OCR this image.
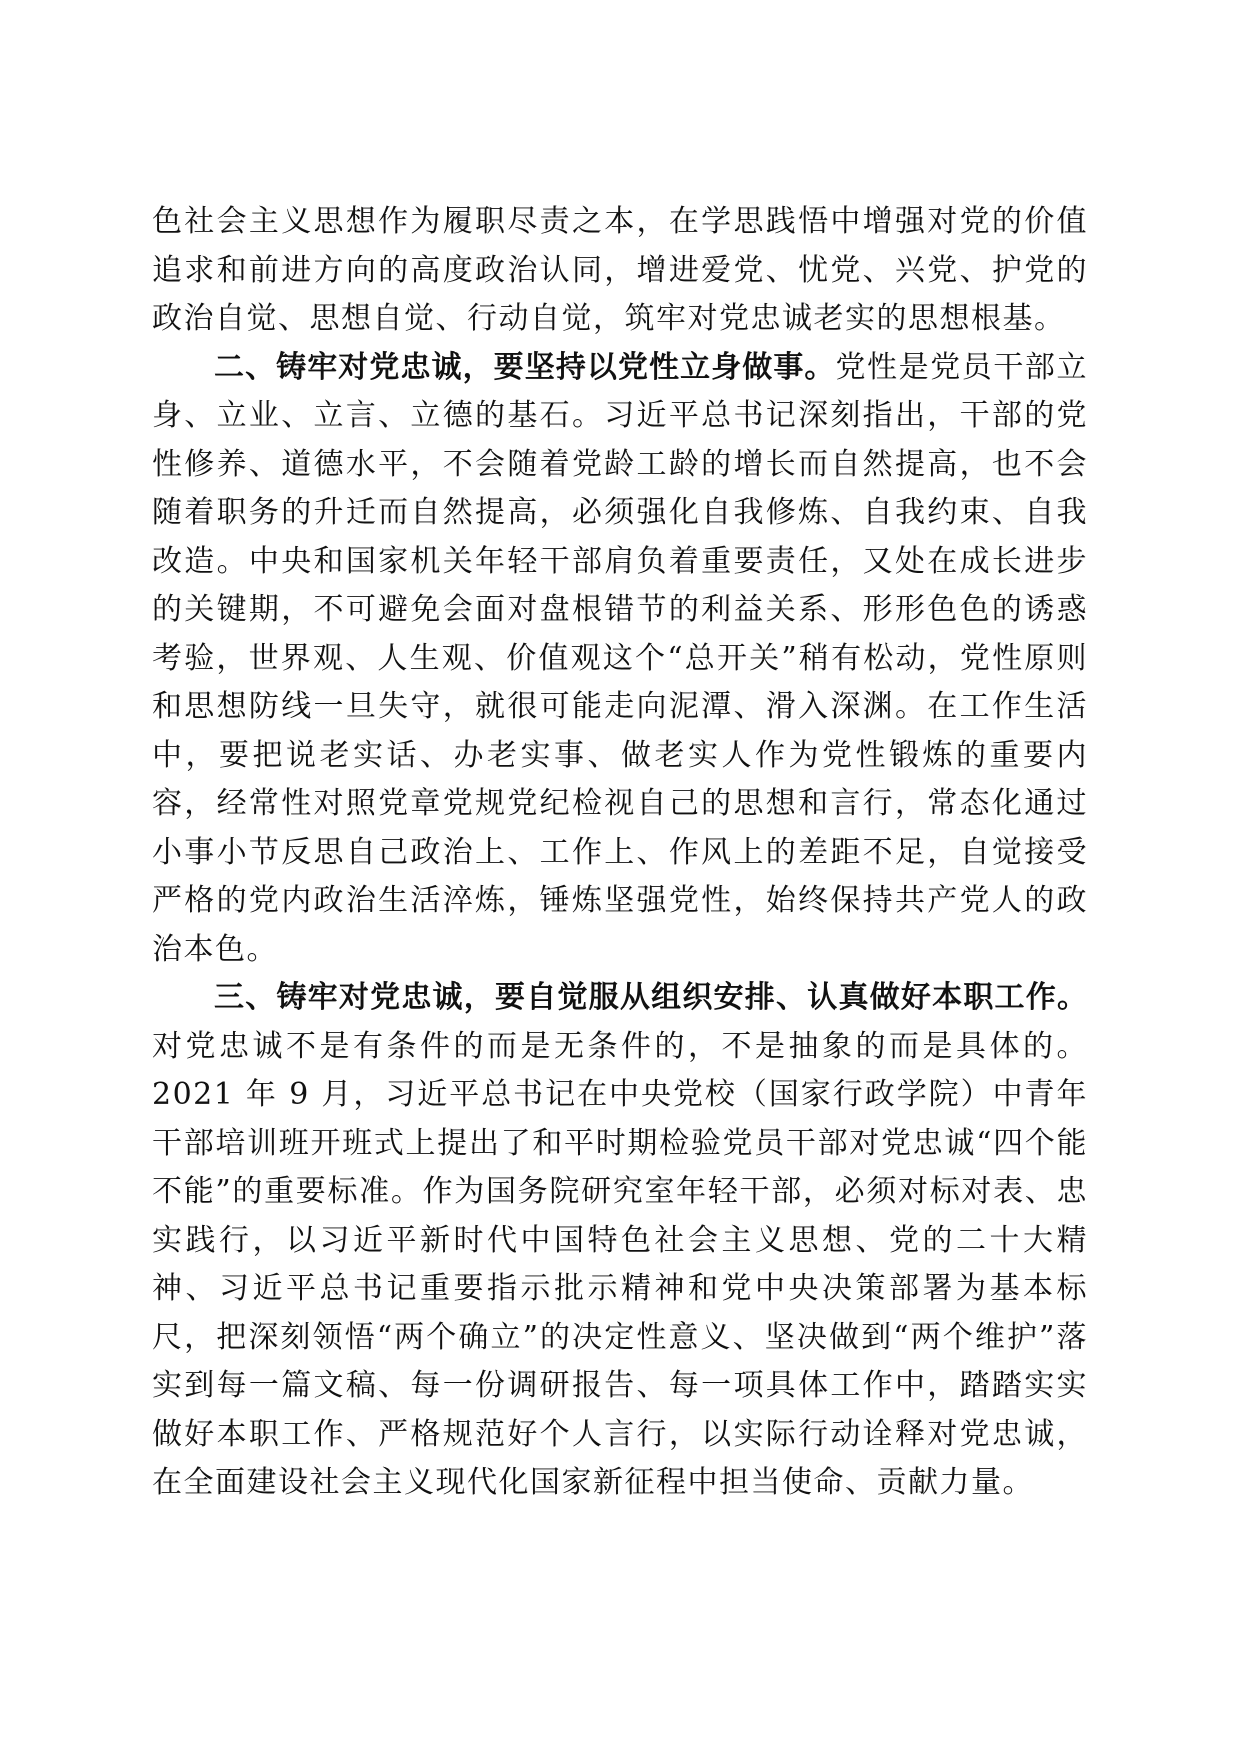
色社会主义思想作为履职尽责之本，在学思践悟中增强对党的价值追求和前进方向的高度政治认同，增进爱党、忧党、兴党、护党的政治自觉、思想自觉、行动自觉，筑牢对党忠诚老实的思想根基。

二、铸牢对党忠诚，要坚持以党性立身做事。党性是党员干部立身、立业、立言、立德的基石。习近平总书记深刻指出，干部的党性修养、道德水平，不会随着党龄工龄的增长而自然提高，也不会随着职务的升迁而自然提高，必须强化自我修炼、自我约束、自我改造。中央和国家机关年轻干部肩负着重要责任，又处在成长进步的关键期，不可避免会面对盘根错节的利益关系、形形色色的诱惑考验，世界观、人生观、价值观这个“总开关”稍有松动，党性原则和思想防线一旦失守，就很可能走向泥潭、滑入深渊。在工作生活中，要把说老实话、办老实事、做老实人作为党性锻炼的重要内容，经常性对照党章党规党纪检视自己的思想和言行，常态化通过小事小节反思自己政治上、工作上、作风上的差距不足，自觉接受严格的党内政治生活淬炼，锤炼坚强党性，始终保持共产党人的政治本色。

三、铸牢对党忠诚，要自觉服从组织安排、认真做好本职工作。对党忠诚不是有条件的而是无条件的，不是抽象的而是具体的。2021 年 9 月，习近平总书记在中央党校（国家行政学院）中青年干部培训班开班式上提出了和平时期检验党员干部对党忠诚“四个能不能”的重要标准。作为国务院研究室年轻干部，必须对标对表、忠实践行，以习近平新时代中国特色社会主义思想、党的二十大精神、习近平总书记重要指示批示精神和党中央决策部署为基本标尺，把深刻领悟“两个确立”的决定性意义、坚决做到“两个维护”落实到每一篇文稿、每一份调研报告、每一项具体工作中，踏踏实实做好本职工作、严格规范好个人言行，以实际行动诠释对党忠诚，在全面建设社会主义现代化国家新征程中担当使命、贡献力量。
